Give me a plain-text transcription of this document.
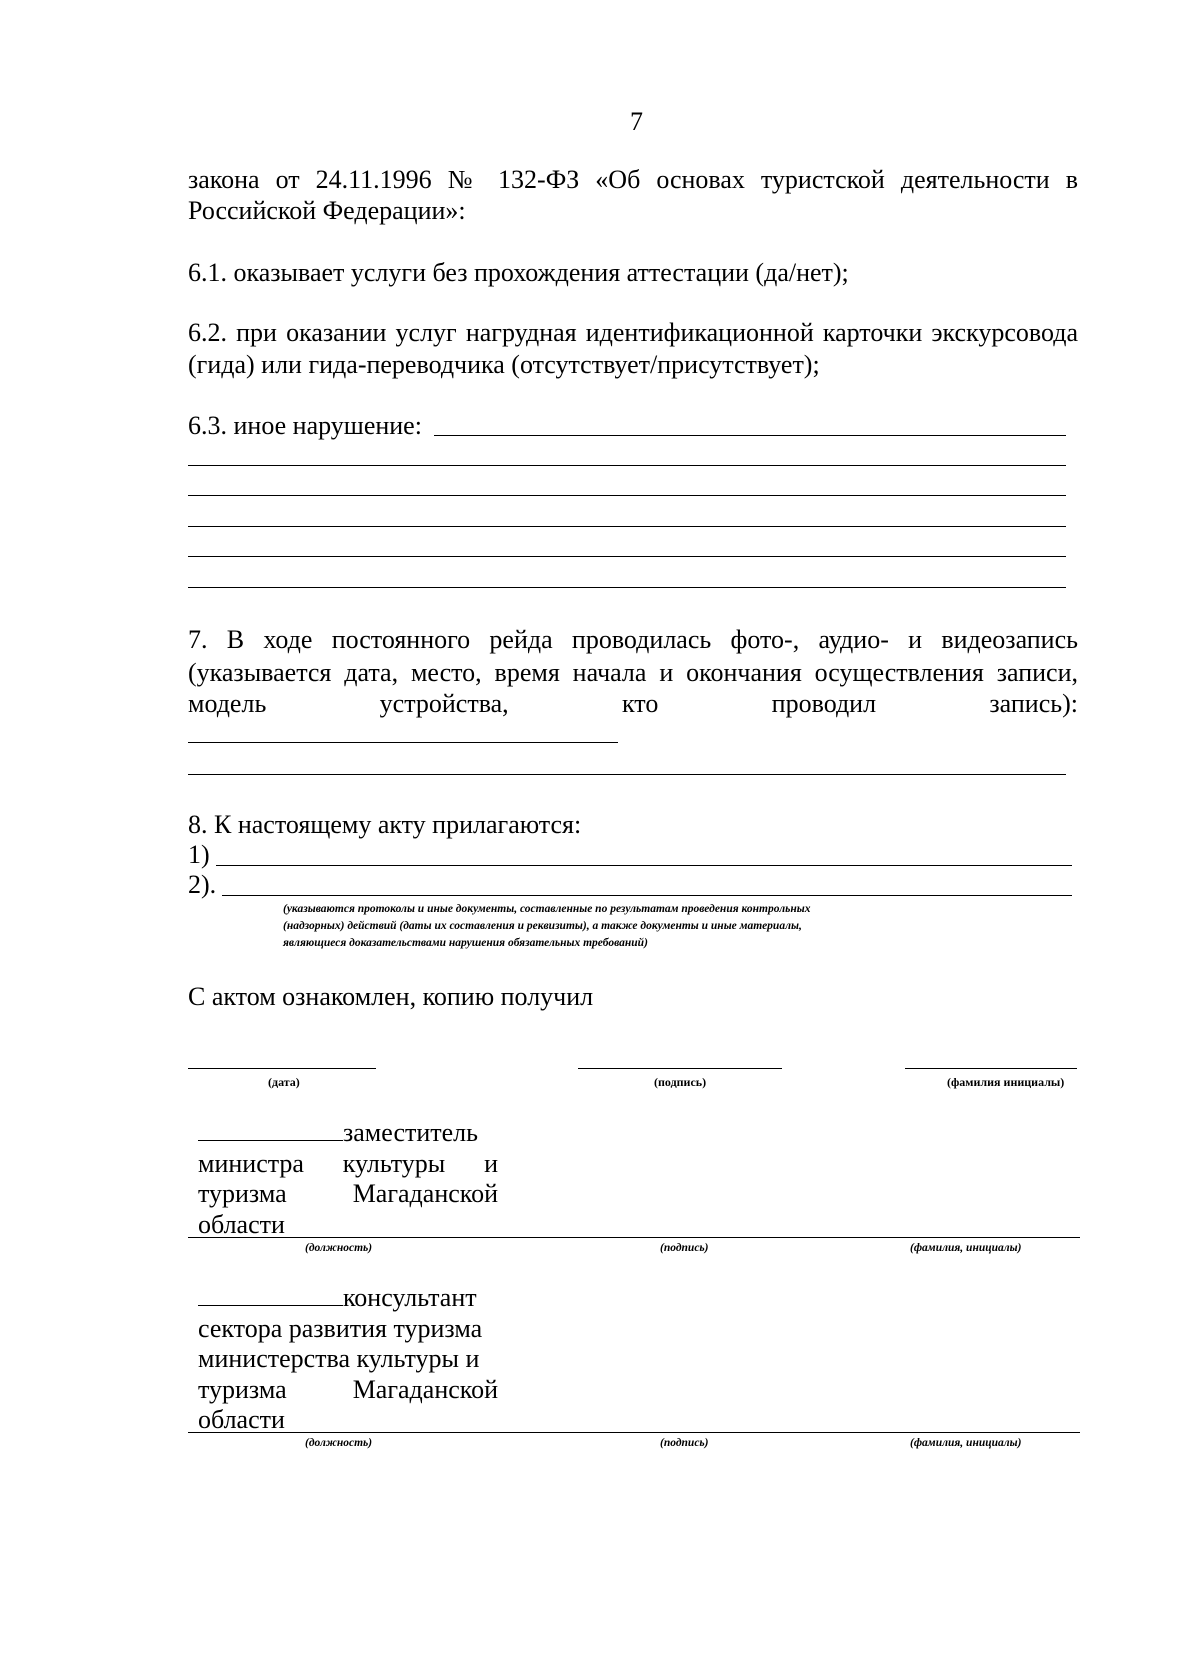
7
закона от 24.11.1996 № 132-ФЗ «Об основах туристской деятельности в
Российской Федерации»:
6.1. оказывает услуги без прохождения аттестации (да/нет);
6.2. при оказании услуг нагрудная идентификационной карточки экскурсовода
(гида) или гида-переводчика (отсутствует/присутствует);
6.3. иное нарушение:
7. В ходе постоянного рейда проводилась фото-, аудио- и видеозапись
(указывается дата, место, время начала и окончания осуществления записи,
модель устройства, кто проводил запись):
8. К настоящему акту прилагаются:
1)
2).
(указываются протоколы и иные документы, составленные по результатам проведения контрольных
(надзорных) действий (даты их составления и реквизиты), а также документы и иные материалы,
являющиеся доказательствами нарушения обязательных требований)
С актом ознакомлен, копию получил
(дата)	(подпись)	(фамилия инициалы)
заместитель
министра культуры и
туризма	Магаданской
области
(должность)	(подпись)	(фамилия, инициалы)
консультант
сектора развития туризма
министерства культуры и
туризма	Магаданской
области
(должность)	(подпись)	(фамилия, инициалы)
